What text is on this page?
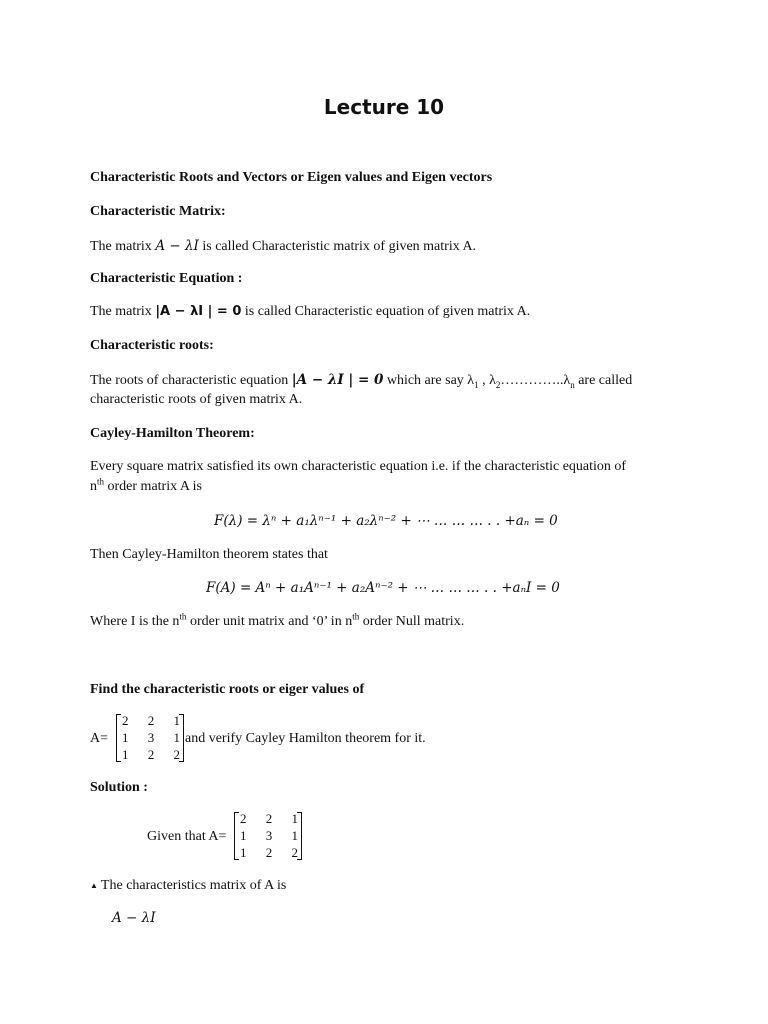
Lecture 10
Characteristic Roots and Vectors or Eigen values and Eigen vectors
Characteristic Matrix:
The matrix A − λI is called Characteristic matrix of given matrix A.
Characteristic Equation :
The matrix |A − λI | = 0 is called Characteristic equation of given matrix A.
Characteristic roots:
The roots of characteristic equation |A − λI | = 0 which are say $\lambda_1$ , $\lambda_2\dots\dots\dots\dots..\lambda_n$ are called
characteristic roots of given matrix A.
Cayley-Hamilton Theorem:
Every square matrix satisfied its own characteristic equation i.e. if the characteristic equation of
$n^{th}$ order matrix A is
F(λ) = λⁿ + a₁λⁿ⁻¹ + a₂λⁿ⁻² + ⋯ … … … . . +aₙ = 0
Then Cayley-Hamilton theorem states that
F(A) = Aⁿ + a₁Aⁿ⁻¹ + a₂Aⁿ⁻² + ⋯ … … … . . +aₙI = 0
Where I is the $n^{th}$ order unit matrix and ‘0’ in $n^{th}$ order Null matrix.
Find the characteristic roots or eiger values of
A=
2	2	1
1	3	1
1	2	2
and verify Cayley Hamilton theorem for it.
Solution :
Given that A=
2	2	1
1	3	1
1	2	2
▲ The characteristics matrix of A is
A − λI
